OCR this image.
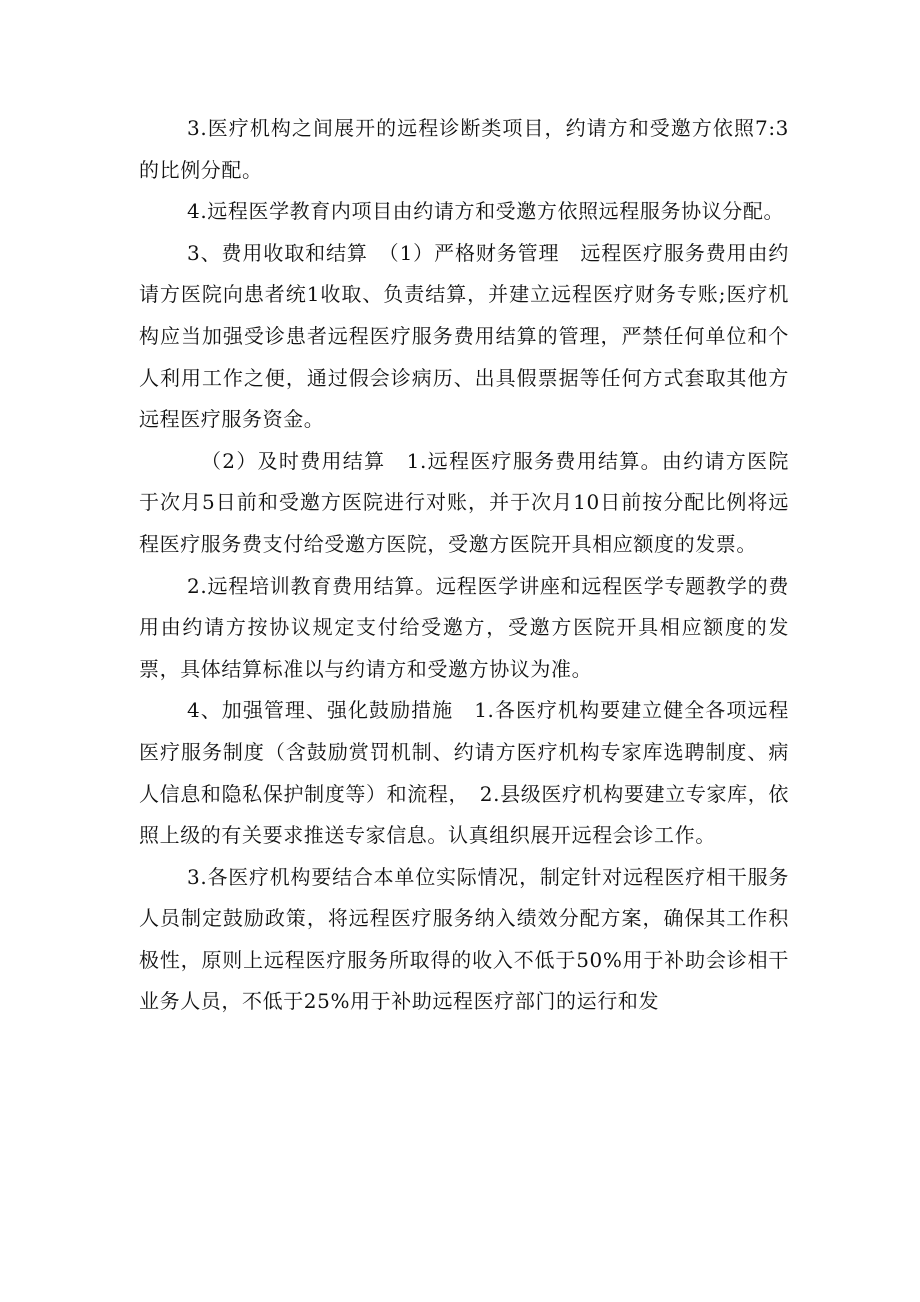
3.医疗机构之间展开的远程诊断类项目，约请方和受邀方依照7:3的比例分配。

4.远程医学教育内项目由约请方和受邀方依照远程服务协议分配。

3、费用收取和结算　（1）严格财务管理　远程医疗服务费用由约请方医院向患者统1收取、负责结算，并建立远程医疗财务专账;医疗机构应当加强受诊患者远程医疗服务费用结算的管理，严禁任何单位和个人利用工作之便，通过假会诊病历、出具假票据等任何方式套取其他方远程医疗服务资金。

（2）及时费用结算　1.远程医疗服务费用结算。由约请方医院于次月5日前和受邀方医院进行对账，并于次月10日前按分配比例将远程医疗服务费支付给受邀方医院，受邀方医院开具相应额度的发票。

2.远程培训教育费用结算。远程医学讲座和远程医学专题教学的费用由约请方按协议规定支付给受邀方，受邀方医院开具相应额度的发票，具体结算标准以与约请方和受邀方协议为准。

4、加强管理、强化鼓励措施　1.各医疗机构要建立健全各项远程医疗服务制度（含鼓励赏罚机制、约请方医疗机构专家库选聘制度、病人信息和隐私保护制度等）和流程，　2.县级医疗机构要建立专家库，依照上级的有关要求推送专家信息。认真组织展开远程会诊工作。

3.各医疗机构要结合本单位实际情况，制定针对远程医疗相干服务人员制定鼓励政策，将远程医疗服务纳入绩效分配方案，确保其工作积极性，原则上远程医疗服务所取得的收入不低于50%用于补助会诊相干业务人员，不低于25%用于补助远程医疗部门的运行和发
